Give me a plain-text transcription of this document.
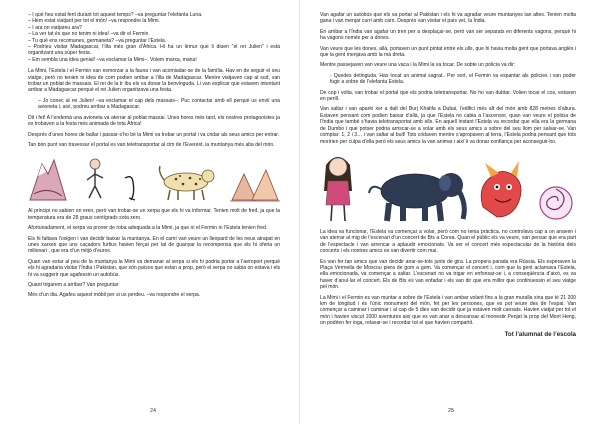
– I què heu estat fent durant tot aquest temps? –va preguntar l’elefanta Luna.

– Hem estat viatjant per tot el món! –va respondre la Mimi.

– I ara on viatjareu ara?

– La ver tat és que no tenim ni idea! –va dir el Fermin.

– Tu què ens recomanes, germaneta? –va preguntar l’Estela.

– Podríeu visitar Madagascar, l’illa més gran d’Àfrica. Hi ha un lèmur que li diuen “el rei Julien” i està organitzant una súper festa.

– Em sembla una idea genial! –va exclamar la Mimi–. Volem marxa, mana!

La Mimi, l’Estela i el Fermin van esmorzar a la fauna i van acomiadar-se de la família. Hav en de seguir el seu viatge, però no tenien ni idea de com podien arribar a l’illa de Madagascar. Mentre viatjaven cap al sud, van trobar un poblat de massais. El rei de la tr ibu els va donar la benvinguda. Li van explicar que estaven intentant arribar a Madagascar perquè el rei Julien organitzava una festa.

– Jo conec al rei Julien! –va exclamar el cap dels massais–. Puc contactar amb ell perquè us enviï una avioneta i, així, podreu arribar a Madagascar.

Dit i fet! A l’endemà una avioneta va aterrar al poblat massai. Unes hores més tard, els nostres protagonistes ja es trobaven a la festa més animada de tota Àfrica!

Després d’unes hores de ballar i passar-s’ho bé la Mimi va trobar un portal i va cridar als seus amics per entrar.

Tan bon punt van travessar el portal es van teletransportar al cim de l’Everest, la muntanya més alta del món.

Al principi no sabien on eren, però van trobar-se un xerpa que els hi va informar. Tenien molt de fred, ja que la temperatura era de 28 graus centígrads sota zero.

Afortunadament, el xerpa va prover de roba adequada a la Mimi, ja que ni el Fermin ni l’Estela tenien fred.

Els hi faltava l’oxigen i van decidir baixar la muntanya. En el camí van veure un lleopard de les neus atrapat en unes xarxes que uns caçadors furtius havien ferçat per tal de guanyar la recompensa que els hi oferia un milionari , que era d’un mitjó d’euros.

Quan van estar al peu de la muntanya la Mimi va demanar al xerpa si els hi podria portar a l’aeroport perquè els hi agradaria visitar l’Índia i Pakistan, que són països que estan a prop, però el xerpa no sabia on estava i els hi va suggerir que agafessin un autobús.

Quant trigarem a arribar? Van preguntar

Més d’un dia. Agafeu aquest mòbil per si us perdeu. –va respondre el xerpa.

24

Van agafar un autobús que els va portar al Pakistan i els hi va agradar veure muntanyes tan altes. Tenien molta gana i van menjar curri amb carn. Després van visitar el país veí, la Índia.

En arribar a l’Índia van agafar un tren per a desplaçar-se, però van ser separats en diferents vagons, perquè hi ha vagons només per a dones.

Van veure que les dones, allà, portaven un punt pintat entre els ulls, que hi havia molta gent que portava anglès i que la gent menjava amb la mà dreta.

Mentre passejaven van veure una vaca i la Mimi la va tocar. De sobte un policia va dir:

- Quedes detinguda. Has tocat un animal sagrat.. Per sort, el Fermin va espantar als policies i van poder fugir a sobre de l’elefanta Estela.

De cop i volta, van trobar el portal que els podria teletransportar. No ho van dubtar. Volien tocar el cos, estaven en perill.

Van saltar i van aparèi xer a dalt del Burj Khalifa a Dubai, l’edifici més alt del món amb 828 metres d’altura. Estaven pensant com podien baixar d’allà, ja que l’Estela no cabia a l’ascensor, quan van veure el policia de l’Índia que també s’havia teletransportat amb ells. En aquell instant l’Estela va recordar que ella era la germana de Dumbo i que potser podria arriscar-se a volar amb els seus amics a sobre del seu llom per salvar-se. Van comptar: 1, 2 i 3… i van saltar al buit! Tots cridaven mentre s’apropaven al terra, l’Estela podria pensant que tots moririen per culpa d’ella però els seus amics la van animar i així li va donar confiança per aconseguir-ho.

La idea va funcionar, l’Estela va començar a volar, però com no tenia pràctica, no controlava cap a on anaven i van aterrar al mig de l’escenari d’un concert de Bts a Corea. Quan el públic els va veure, van pensar que era part de l’espectacle i van arrencar a aplaudir emocionats. Va ser el concert més espectacular de la història dels concerts i els nostres amics es van divertir com mai.

Es van fer tan amics que van decidir anar-se-tots junts de gira. La propera parada era Rússia. Els esperaven la Plaça Vermella de Moscou piera de gom a gom. Va començar el concert i, com que la gent aclamava l’Estela, ella emocionada, va començar a saltar. L’escenari no va trigar en enfonsar-se i, a conseqüència d’això, es va haver d’anul·lar el concert. Els de Bts es van enfadar i els van dir que era millor que continuessin el seu viatge pel món.

La Mimi i el Fermin es van muntar a sobre de l’Estela i van ambar volant fins a la gran muralla xina que té 21 200 km de longitud i és l’únic monument del món, fet per les persones, que es pot veure des de l’espai. Van començar a caminar i caminar i al cap de 5 dies van decidir que ja estaven molt cansats. Havien viatjat per tot el món i havien viscut 1000 aventures així que es van anar a descansar al monestir Penjat la prop del Mont Heng, on podrien fer ioga, relaxar-se i recordar tot el que havien compartit.

Tot l’alumnat de l’escola
25
